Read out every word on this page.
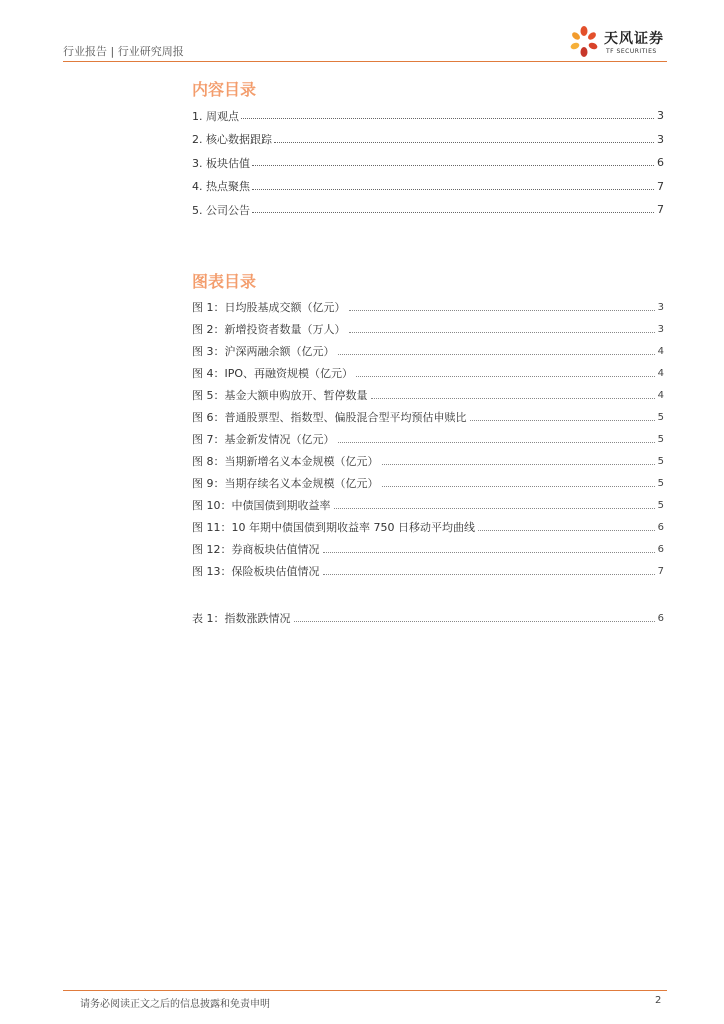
行业报告 | 行业研究周报
天风证券
TF SECURITIES
内容目录
1. 周观点	3
2. 核心数据跟踪	3
3. 板块估值	6
4. 热点聚焦	7
5. 公司公告	7
图表目录
图 1：日均股基成交额（亿元）	3
图 2：新增投资者数量（万人）	3
图 3：沪深两融余额（亿元）	4
图 4：IPO、再融资规模（亿元）	4
图 5：基金大额申购放开、暂停数量	4
图 6：普通股票型、指数型、偏股混合型平均预估申赎比	5
图 7：基金新发情况（亿元）	5
图 8：当期新增名义本金规模（亿元）	5
图 9：当期存续名义本金规模（亿元）	5
图 10：中债国债到期收益率	5
图 11：10 年期中债国债到期收益率 750 日移动平均曲线	6
图 12：券商板块估值情况	6
图 13：保险板块估值情况	7
表 1：指数涨跌情况	6
请务必阅读正文之后的信息披露和免责申明	2
